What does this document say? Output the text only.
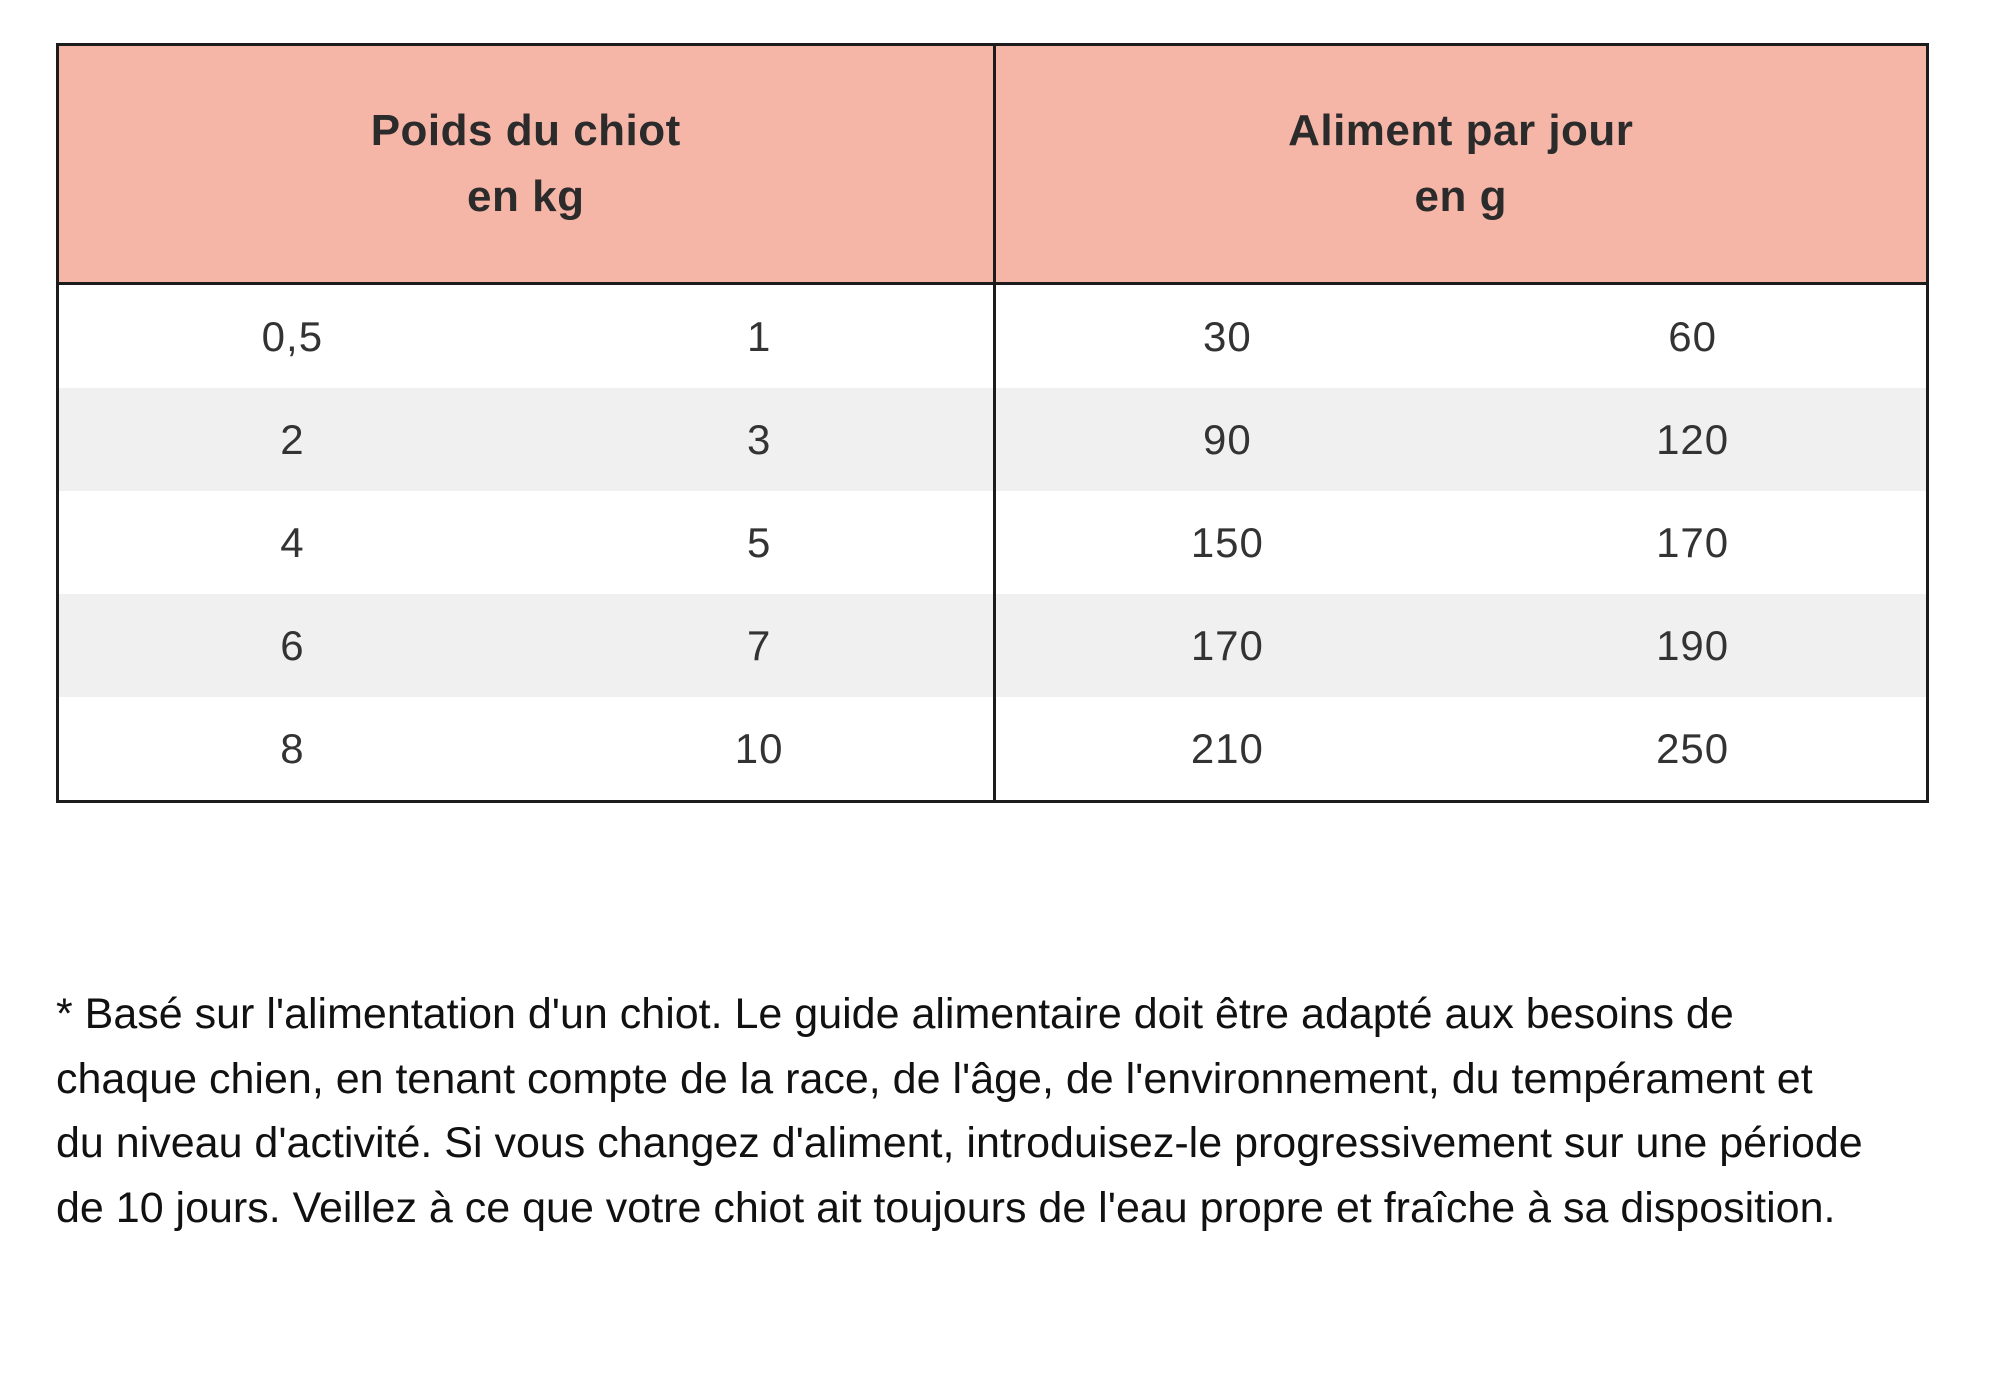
Poids du chiot
en kg
Aliment par jour
en g
0,5	1	30	60
2	3	90	120
4	5	150	170
6	7	170	190
8	10	210	250

* Basé sur l'alimentation d'un chiot. Le guide alimentaire doit être adapté aux besoins de chaque chien, en tenant compte de la race, de l'âge, de l'environnement, du tempérament et du niveau d'activité. Si vous changez d'aliment, introduisez-le progressivement sur une période de 10 jours. Veillez à ce que votre chiot ait toujours de l'eau propre et fraîche à sa disposition.
